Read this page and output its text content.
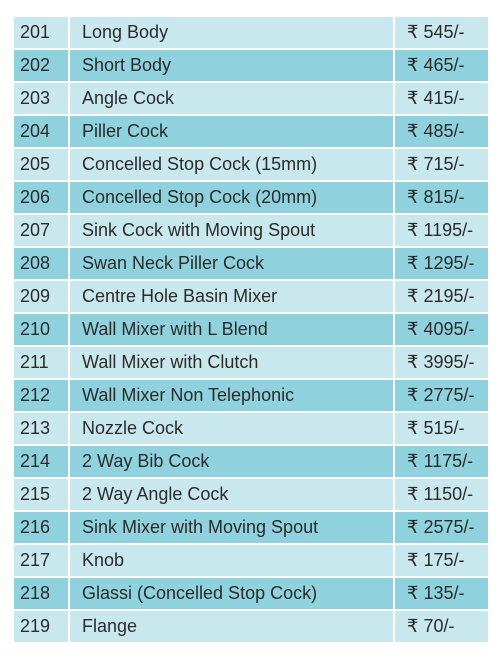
201	Long Body	₹ 545/-
202	Short Body	₹ 465/-
203	Angle Cock	₹ 415/-
204	Piller Cock	₹ 485/-
205	Concelled Stop Cock (15mm)	₹ 715/-
206	Concelled Stop Cock (20mm)	₹ 815/-
207	Sink Cock with Moving Spout	₹ 1195/-
208	Swan Neck Piller Cock	₹ 1295/-
209	Centre Hole Basin Mixer	₹ 2195/-
210	Wall Mixer with L Blend	₹ 4095/-
211	Wall Mixer with Clutch	₹ 3995/-
212	Wall Mixer Non Telephonic	₹ 2775/-
213	Nozzle Cock	₹ 515/-
214	2 Way Bib Cock	₹ 1175/-
215	2 Way Angle Cock	₹ 1150/-
216	Sink Mixer with Moving Spout	₹ 2575/-
217	Knob	₹ 175/-
218	Glassi (Concelled Stop Cock)	₹ 135/-
219	Flange	₹ 70/-
